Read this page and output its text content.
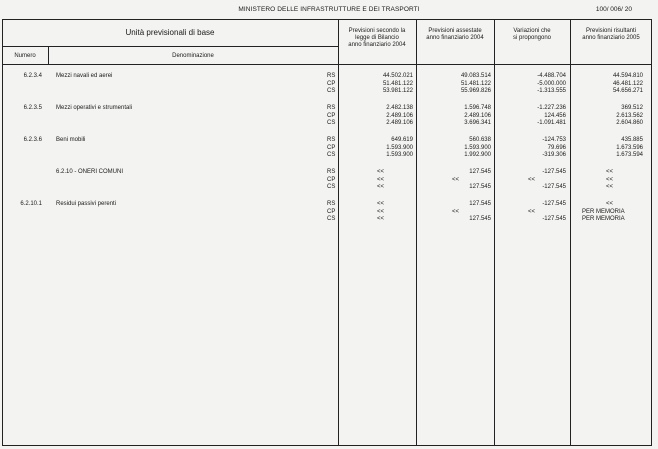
MINISTERO DELLE INFRASTRUTTURE E DEI TRASPORTI	100/ 006/ 20
Unità previsionali di base
Numero	Denominazione
Previsioni secondo la
legge di Bilancio
anno finanziario 2004
Previsioni assestate
anno finanziario 2004
Variazioni che
si propongono
Previsioni risultanti
anno finanziario 2005
6.2.3.4 Mezzi navali ed aerei	RS	44.502.021	49.083.514	-4.488.704	44.594.810
CP	51.481.122	51.481.122	-5.000.000	46.481.122
CS	53.981.122	55.969.826	-1.313.555	54.656.271
6.2.3.5 Mezzi operativi e strumentali	RS	2.482.138	1.596.748	-1.227.236	369.512
CP	2.489.106	2.489.106	124.456	2.613.562
CS	2.489.106	3.696.341	-1.091.481	2.604.860
6.2.3.6 Beni mobili	RS	649.619	560.638	-124.753	435.885
CP	1.593.900	1.593.900	79.696	1.673.596
CS	1.593.900	1.992.900	-319.306	1.673.594
6.2.10 - ONERI COMUNI	RS	<<	127.545	-127.545	<<
CP	<<	<<	<<	<<
CS	<<	127.545	-127.545	<<
6.2.10.1 Residui passivi perenti	RS	<<	127.545	-127.545	<<
CP	<<	<<	<<	PER MEMORIA
CS	<<	127.545	-127.545	PER MEMORIA
